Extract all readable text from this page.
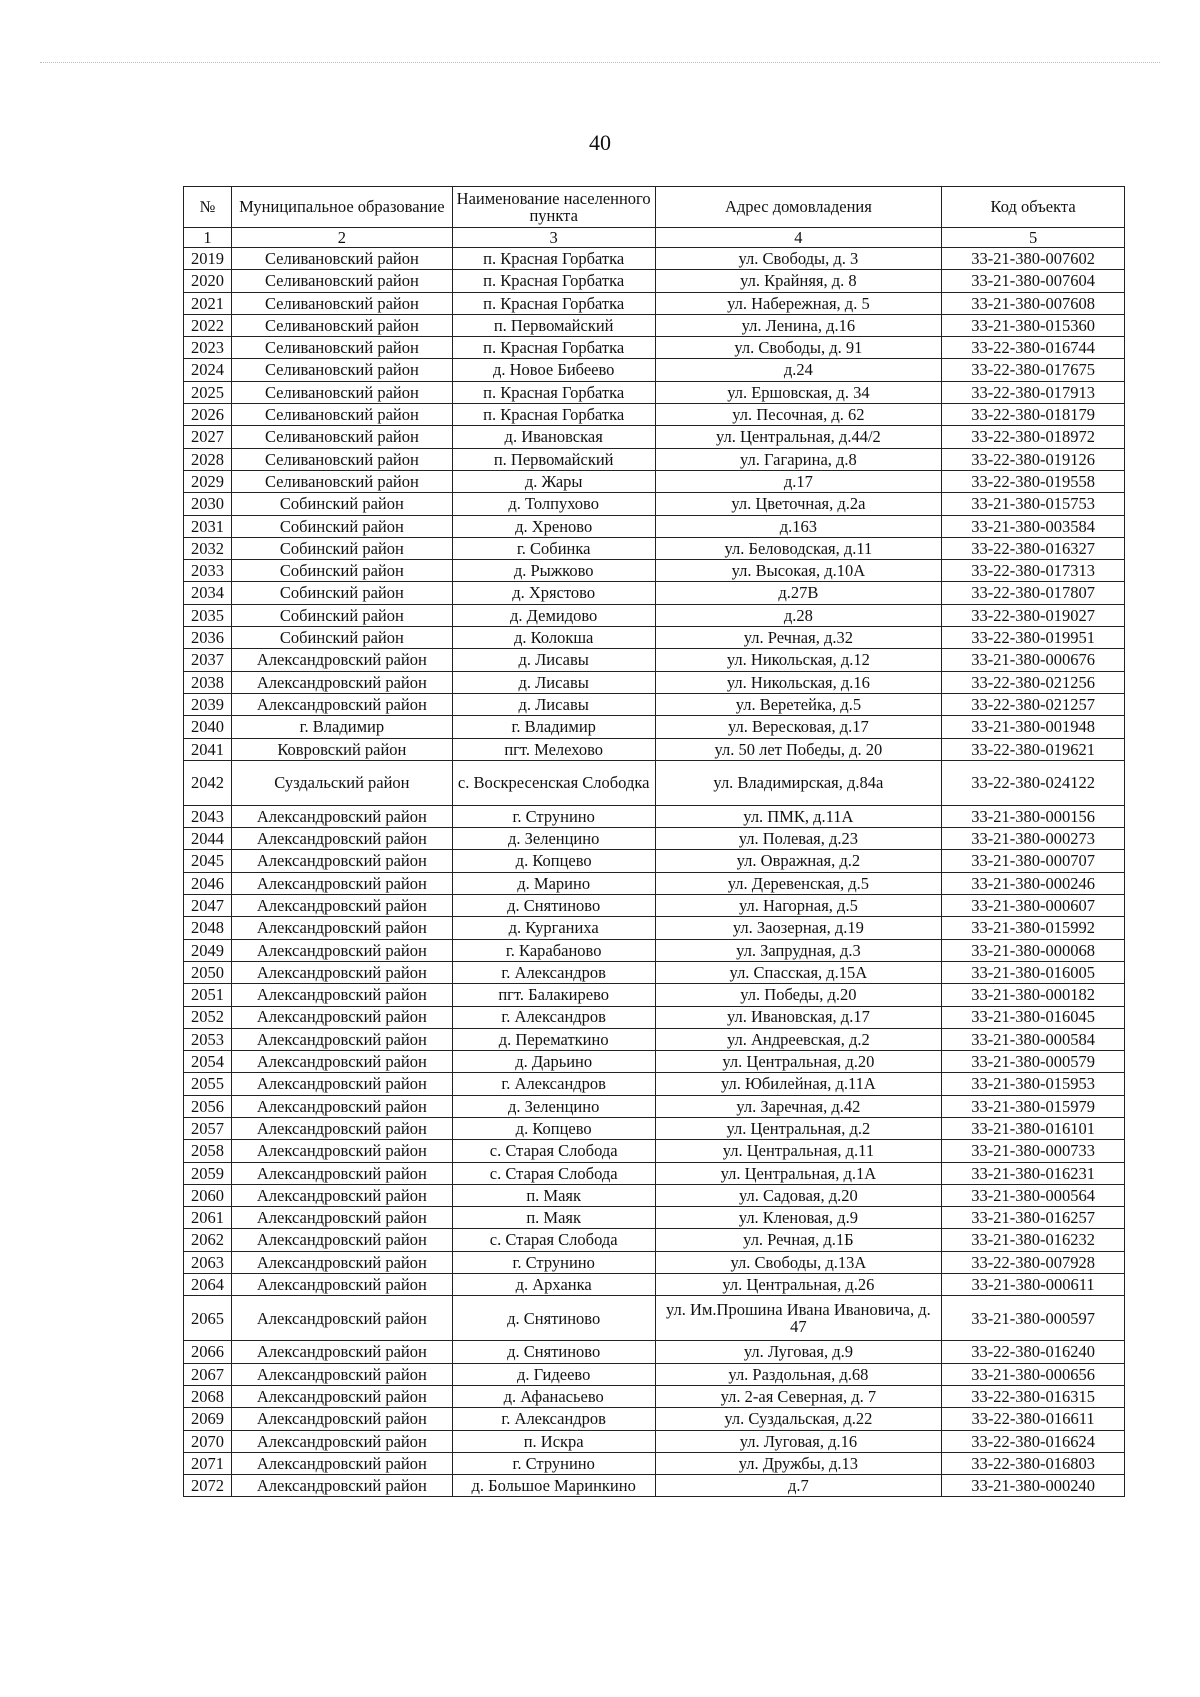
40
№	Муниципальное образование	Наименование населенного пункта	Адрес домовладения	Код объекта
1	2	3	4	5
2019	Селивановский район	п. Красная Горбатка	ул. Свободы, д. 3	33-21-380-007602
2020	Селивановский район	п. Красная Горбатка	ул. Крайняя, д. 8	33-21-380-007604
2021	Селивановский район	п. Красная Горбатка	ул. Набережная, д. 5	33-21-380-007608
2022	Селивановский район	п. Первомайский	ул. Ленина, д.16	33-21-380-015360
2023	Селивановский район	п. Красная Горбатка	ул. Свободы, д. 91	33-22-380-016744
2024	Селивановский район	д. Новое Бибеево	д.24	33-22-380-017675
2025	Селивановский район	п. Красная Горбатка	ул. Ершовская, д. 34	33-22-380-017913
2026	Селивановский район	п. Красная Горбатка	ул. Песочная, д. 62	33-22-380-018179
2027	Селивановский район	д. Ивановская	ул. Центральная, д.44/2	33-22-380-018972
2028	Селивановский район	п. Первомайский	ул. Гагарина, д.8	33-22-380-019126
2029	Селивановский район	д. Жары	д.17	33-22-380-019558
2030	Собинский район	д. Толпухово	ул. Цветочная, д.2а	33-21-380-015753
2031	Собинский район	д. Хреново	д.163	33-21-380-003584
2032	Собинский район	г. Собинка	ул. Беловодская, д.11	33-22-380-016327
2033	Собинский район	д. Рыжково	ул. Высокая, д.10А	33-22-380-017313
2034	Собинский район	д. Хрястово	д.27В	33-22-380-017807
2035	Собинский район	д. Демидово	д.28	33-22-380-019027
2036	Собинский район	д. Колокша	ул. Речная, д.32	33-22-380-019951
2037	Александровский район	д. Лисавы	ул. Никольская, д.12	33-21-380-000676
2038	Александровский район	д. Лисавы	ул. Никольская, д.16	33-22-380-021256
2039	Александровский район	д. Лисавы	ул. Веретейка, д.5	33-22-380-021257
2040	г. Владимир	г. Владимир	ул. Вересковая, д.17	33-21-380-001948
2041	Ковровский район	пгт. Мелехово	ул. 50 лет Победы, д. 20	33-22-380-019621
2042	Суздальский район	с. Воскресенская Слободка	ул. Владимирская, д.84а	33-22-380-024122
2043	Александровский район	г. Струнино	ул. ПМК, д.11А	33-21-380-000156
2044	Александровский район	д. Зеленцино	ул. Полевая, д.23	33-21-380-000273
2045	Александровский район	д. Копцево	ул. Овражная, д.2	33-21-380-000707
2046	Александровский район	д. Марино	ул. Деревенская, д.5	33-21-380-000246
2047	Александровский район	д. Снятиново	ул. Нагорная, д.5	33-21-380-000607
2048	Александровский район	д. Курганиха	ул. Заозерная, д.19	33-21-380-015992
2049	Александровский район	г. Карабаново	ул. Запрудная, д.3	33-21-380-000068
2050	Александровский район	г. Александров	ул. Спасская, д.15А	33-21-380-016005
2051	Александровский район	пгт. Балакирево	ул. Победы, д.20	33-21-380-000182
2052	Александровский район	г. Александров	ул. Ивановская, д.17	33-21-380-016045
2053	Александровский район	д. Перематкино	ул. Андреевская, д.2	33-21-380-000584
2054	Александровский район	д. Дарьино	ул. Центральная, д.20	33-21-380-000579
2055	Александровский район	г. Александров	ул. Юбилейная, д.11А	33-21-380-015953
2056	Александровский район	д. Зеленцино	ул. Заречная, д.42	33-21-380-015979
2057	Александровский район	д. Копцево	ул. Центральная, д.2	33-21-380-016101
2058	Александровский район	с. Старая Слобода	ул. Центральная, д.11	33-21-380-000733
2059	Александровский район	с. Старая Слобода	ул. Центральная, д.1А	33-21-380-016231
2060	Александровский район	п. Маяк	ул. Садовая, д.20	33-21-380-000564
2061	Александровский район	п. Маяк	ул. Кленовая, д.9	33-21-380-016257
2062	Александровский район	с. Старая Слобода	ул. Речная, д.1Б	33-21-380-016232
2063	Александровский район	г. Струнино	ул. Свободы, д.13А	33-22-380-007928
2064	Александровский район	д. Арханка	ул. Центральная, д.26	33-21-380-000611
2065	Александровский район	д. Снятиново	ул. Им.Прошина Ивана Ивановича, д. 47	33-21-380-000597
2066	Александровский район	д. Снятиново	ул. Луговая, д.9	33-22-380-016240
2067	Александровский район	д. Гидеево	ул. Раздольная, д.68	33-21-380-000656
2068	Александровский район	д. Афанасьево	ул. 2-ая Северная, д. 7	33-22-380-016315
2069	Александровский район	г. Александров	ул. Суздальская, д.22	33-22-380-016611
2070	Александровский район	п. Искра	ул. Луговая, д.16	33-22-380-016624
2071	Александровский район	г. Струнино	ул. Дружбы, д.13	33-22-380-016803
2072	Александровский район	д. Большое Маринкино	д.7	33-21-380-000240
